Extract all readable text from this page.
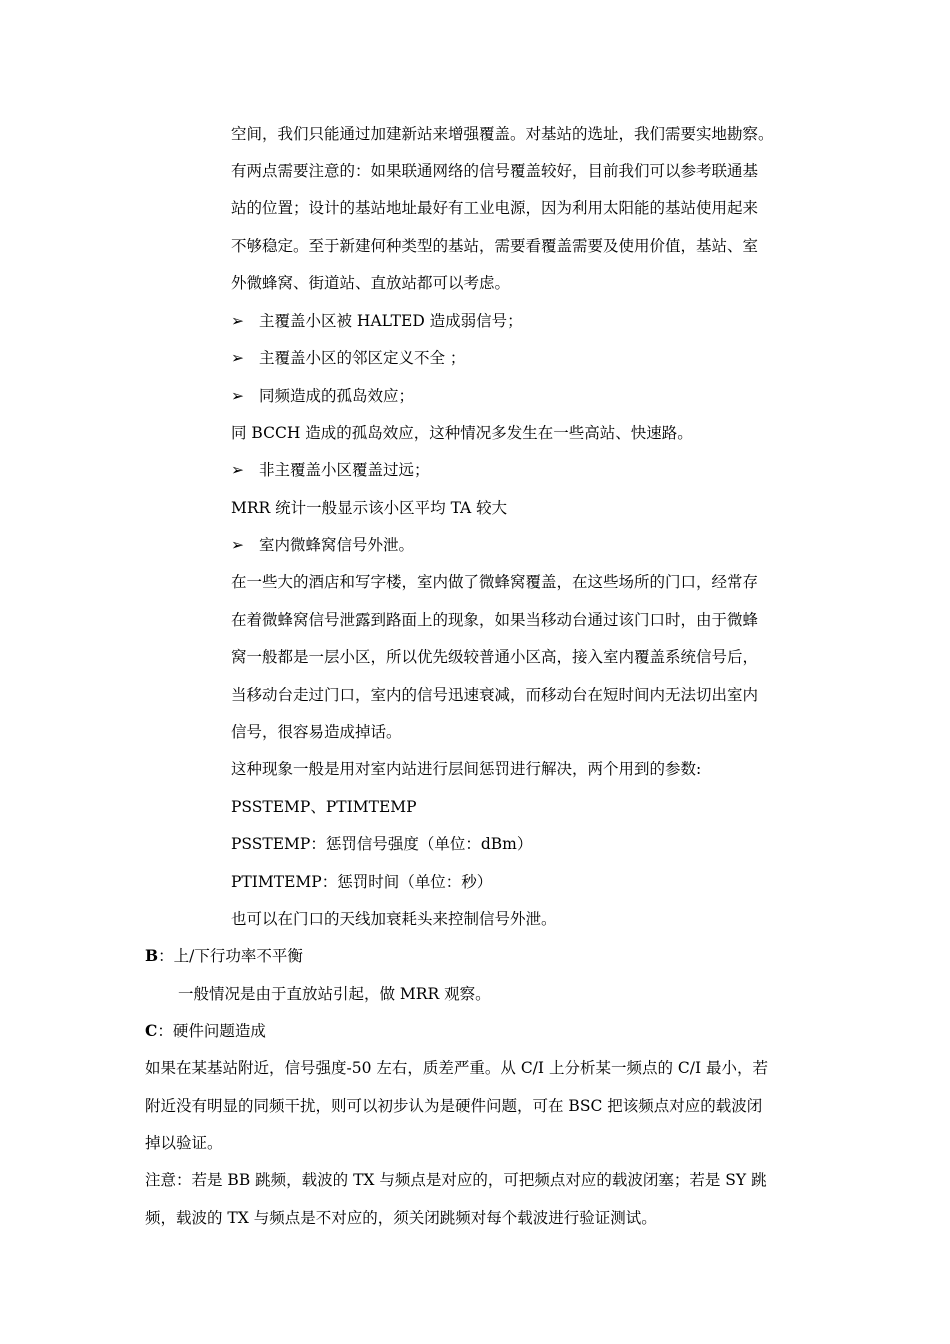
空间，我们只能通过加建新站来增强覆盖。对基站的选址，我们需要实地勘察。
有两点需要注意的：如果联通网络的信号覆盖较好，目前我们可以参考联通基
站的位置；设计的基站地址最好有工业电源，因为利用太阳能的基站使用起来
不够稳定。至于新建何种类型的基站，需要看覆盖需要及使用价值，基站、室
外微蜂窝、街道站、直放站都可以考虑。
➢ 主覆盖小区被 HALTED 造成弱信号；
➢ 主覆盖小区的邻区定义不全 ；
➢ 同频造成的孤岛效应；
同 BCCH 造成的孤岛效应，这种情况多发生在一些高站、快速路。
➢ 非主覆盖小区覆盖过远；
MRR 统计一般显示该小区平均 TA 较大
➢ 室内微蜂窝信号外泄。
在一些大的酒店和写字楼，室内做了微蜂窝覆盖，在这些场所的门口，经常存
在着微蜂窝信号泄露到路面上的现象，如果当移动台通过该门口时，由于微蜂
窝一般都是一层小区，所以优先级较普通小区高，接入室内覆盖系统信号后，
当移动台走过门口，室内的信号迅速衰减，而移动台在短时间内无法切出室内
信号，很容易造成掉话。
这种现象一般是用对室内站进行层间惩罚进行解决，两个用到的参数:
PSSTEMP、PTIMTEMP
PSSTEMP：惩罚信号强度（单位：dBm）
PTIMTEMP：惩罚时间（单位：秒）
也可以在门口的天线加衰耗头来控制信号外泄。
B：上/下行功率不平衡
一般情况是由于直放站引起，做 MRR 观察。
C：硬件问题造成
如果在某基站附近，信号强度-50 左右，质差严重。从 C/I 上分析某一频点的 C/I 最小，若
附近没有明显的同频干扰，则可以初步认为是硬件问题，可在 BSC 把该频点对应的载波闭
掉以验证。
注意：若是 BB 跳频，载波的 TX 与频点是对应的，可把频点对应的载波闭塞；若是 SY 跳
频，载波的 TX 与频点是不对应的，须关闭跳频对每个载波进行验证测试。
